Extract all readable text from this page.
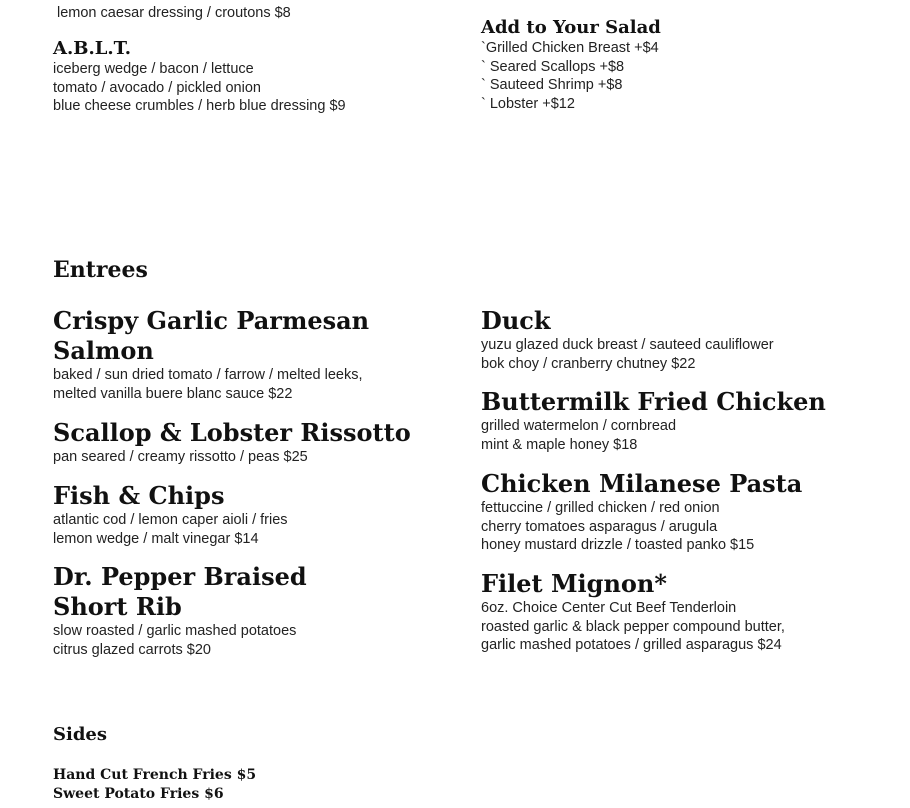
lemon caesar dressing / croutons $8
A.B.L.T.
iceberg wedge / bacon / lettuce
tomato / avocado / pickled onion
blue cheese crumbles / herb blue dressing $9
Add to Your Salad
`Grilled Chicken Breast +$4
` Seared Scallops +$8
` Sauteed Shrimp +$8
` Lobster +$12
Entrees
Crispy Garlic Parmesan
Salmon
baked / sun dried tomato / farrow / melted leeks,
melted vanilla buere blanc sauce $22
Scallop & Lobster Rissotto
pan seared / creamy rissotto / peas $25
Fish & Chips
atlantic cod / lemon caper aioli / fries
lemon wedge / malt vinegar $14
Dr. Pepper Braised
Short Rib
slow roasted / garlic mashed potatoes
citrus glazed carrots $20
Duck
yuzu glazed duck breast / sauteed cauliflower
bok choy / cranberry chutney $22
Buttermilk Fried Chicken
grilled watermelon / cornbread
mint & maple honey $18
Chicken Milanese Pasta
fettuccine / grilled chicken / red onion
cherry tomatoes asparagus / arugula
honey mustard drizzle / toasted panko $15
Filet Mignon*
6oz. Choice Center Cut Beef Tenderloin
roasted garlic & black pepper compound butter,
garlic mashed potatoes / grilled asparagus $24
Sides
Hand Cut French Fries $5
Sweet Potato Fries $6
